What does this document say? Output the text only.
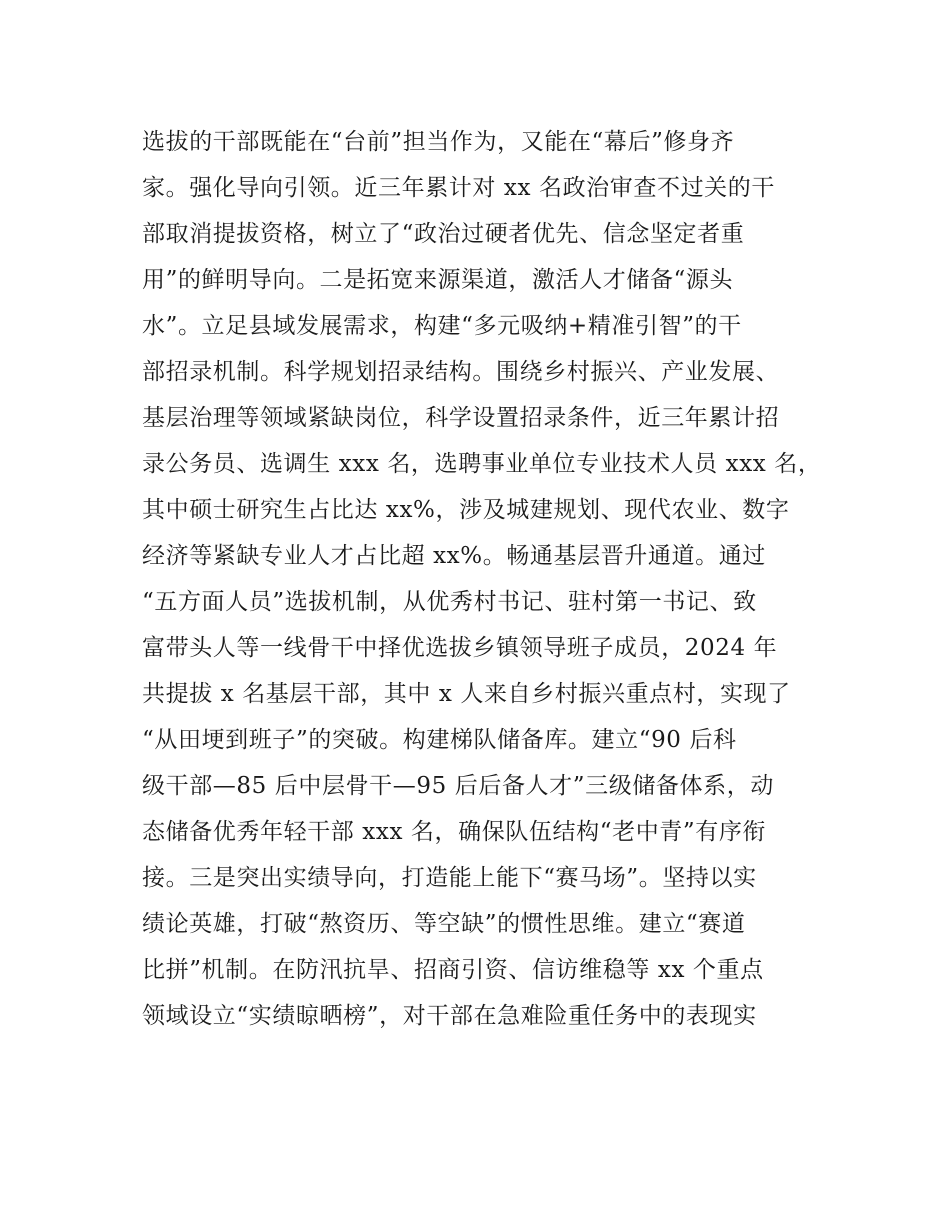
选拔的干部既能在“台前”担当作为，又能在“幕后”修身齐
家。强化导向引领。近三年累计对 xx 名政治审查不过关的干
部取消提拔资格，树立了“政治过硬者优先、信念坚定者重
用”的鲜明导向。二是拓宽来源渠道，激活人才储备“源头
水”。立足县域发展需求，构建“多元吸纳+精准引智”的干
部招录机制。科学规划招录结构。围绕乡村振兴、产业发展、
基层治理等领域紧缺岗位，科学设置招录条件，近三年累计招
录公务员、选调生 xxx 名，选聘事业单位专业技术人员 xxx 名，
其中硕士研究生占比达 xx%，涉及城建规划、现代农业、数字
经济等紧缺专业人才占比超 xx%。畅通基层晋升通道。通过
“五方面人员”选拔机制，从优秀村书记、驻村第一书记、致
富带头人等一线骨干中择优选拔乡镇领导班子成员，2024 年
共提拔 x 名基层干部，其中 x 人来自乡村振兴重点村，实现了
“从田埂到班子”的突破。构建梯队储备库。建立“90 后科
级干部—85 后中层骨干—95 后后备人才”三级储备体系，动
态储备优秀年轻干部 xxx 名，确保队伍结构“老中青”有序衔
接。三是突出实绩导向，打造能上能下“赛马场”。坚持以实
绩论英雄，打破“熬资历、等空缺”的惯性思维。建立“赛道
比拼”机制。在防汛抗旱、招商引资、信访维稳等 xx 个重点
领域设立“实绩晾晒榜”，对干部在急难险重任务中的表现实
